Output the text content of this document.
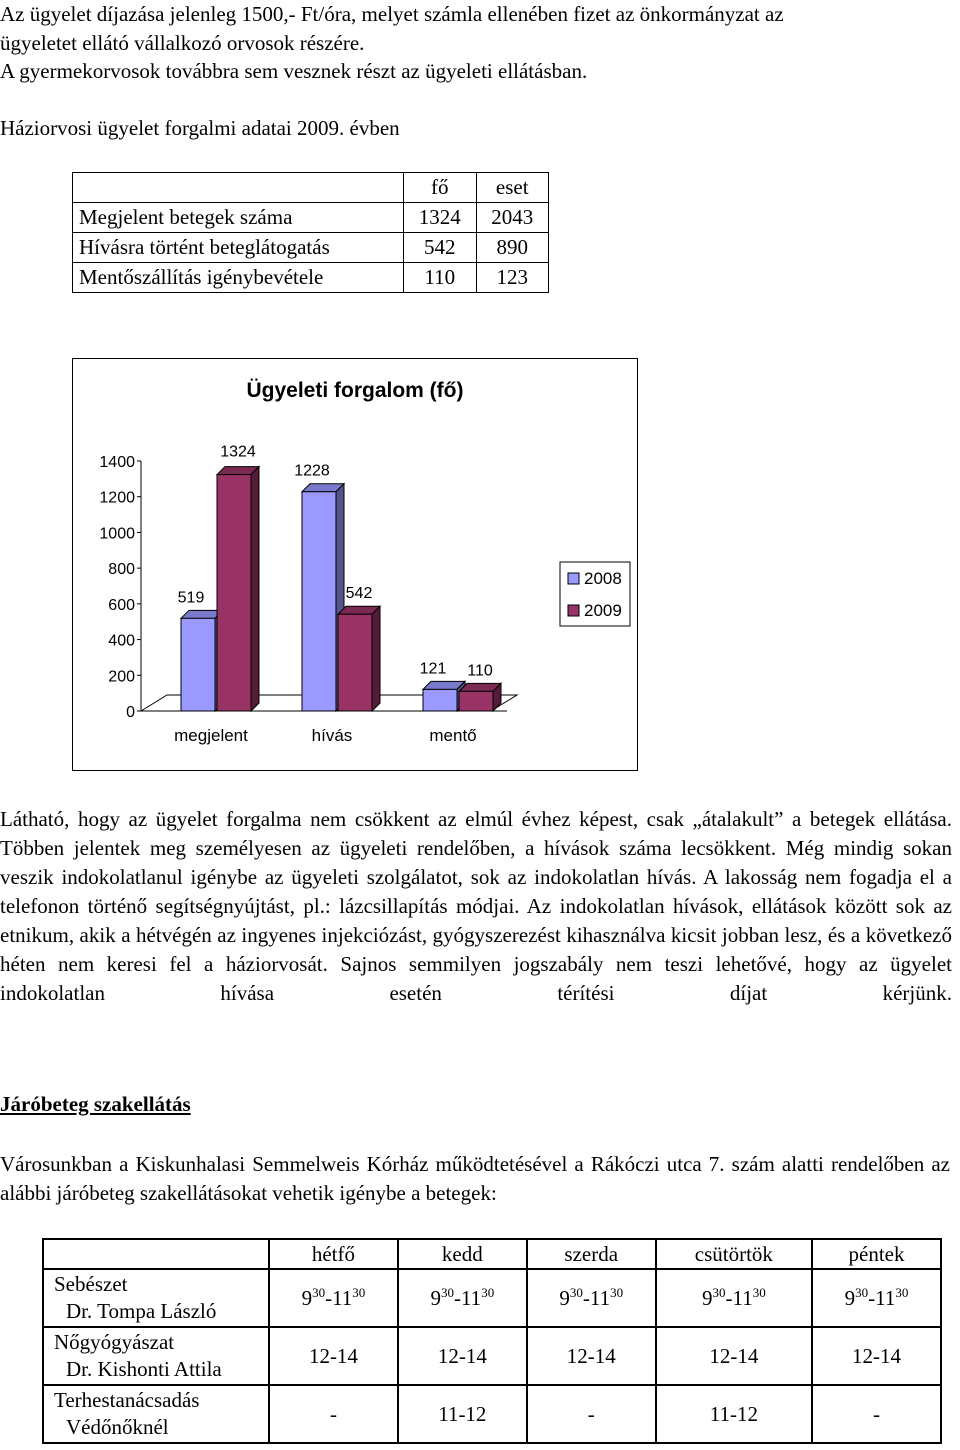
Az ügyelet díjazása jelenleg 1500,- Ft/óra, melyet számla ellenében fizet az önkormányzat az

ügyeletet ellátó vállalkozó orvosok részére.

A gyermekorvosok továbbra sem vesznek részt az ügyeleti ellátásban.

Háziorvosi ügyelet forgalmi adatai 2009. évben

	fő	eset
Megjelent betegek száma	1324	2043
Hívásra történt beteglátogatás	542	890
Mentőszállítás igénybevétele	110	123
Ügyeleti forgalom (fő)
0
200
400
600
800
1000
1200
1400
519
1324
megjelent
1228
542
hívás
121 110
mentő
2008
2009

Látható, hogy az ügyelet forgalma nem csökkent az elmúl évhez képest, csak „átalakult” a betegek ellátása. Többen jelentek meg személyesen az ügyeleti rendelőben, a hívások száma lecsökkent. Még mindig sokan veszik indokolatlanul igénybe az ügyeleti szolgálatot, sok az indokolatlan hívás. A lakosság nem fogadja el a telefonon történő segítségnyújtást, pl.: lázcsillapítás módjai. Az indokolatlan hívások, ellátások között sok az etnikum, akik a hétvégén az ingyenes injekciózást, gyógyszerezést kihasználva kicsit jobban lesz, és a következő héten nem keresi fel a háziorvosát. Sajnos semmilyen jogszabály nem teszi lehetővé, hogy az ügyelet indokolatlan hívása esetén térítési díjat kérjünk.

Járóbeteg szakellátás

Városunkban a Kiskunhalasi Semmelweis Kórház működtetésével a Rákóczi utca 7. szám alatti rendelőben az alábbi járóbeteg szakellátásokat vehetik igénybe a betegek:

	hétfő	kedd	szerda	csütörtök	péntek
Sebészet
Dr. Tompa László	$9^{30}-11^{30}$	$9^{30}-11^{30}$	$9^{30}-11^{30}$	$9^{30}-11^{30}$	$9^{30}-11^{30}$
Nőgyógyászat
Dr. Kishonti Attila	12-14	12-14	12-14	12-14	12-14
Terhestanácsadás
Védőnőknél	-	11-12	-	11-12	-
